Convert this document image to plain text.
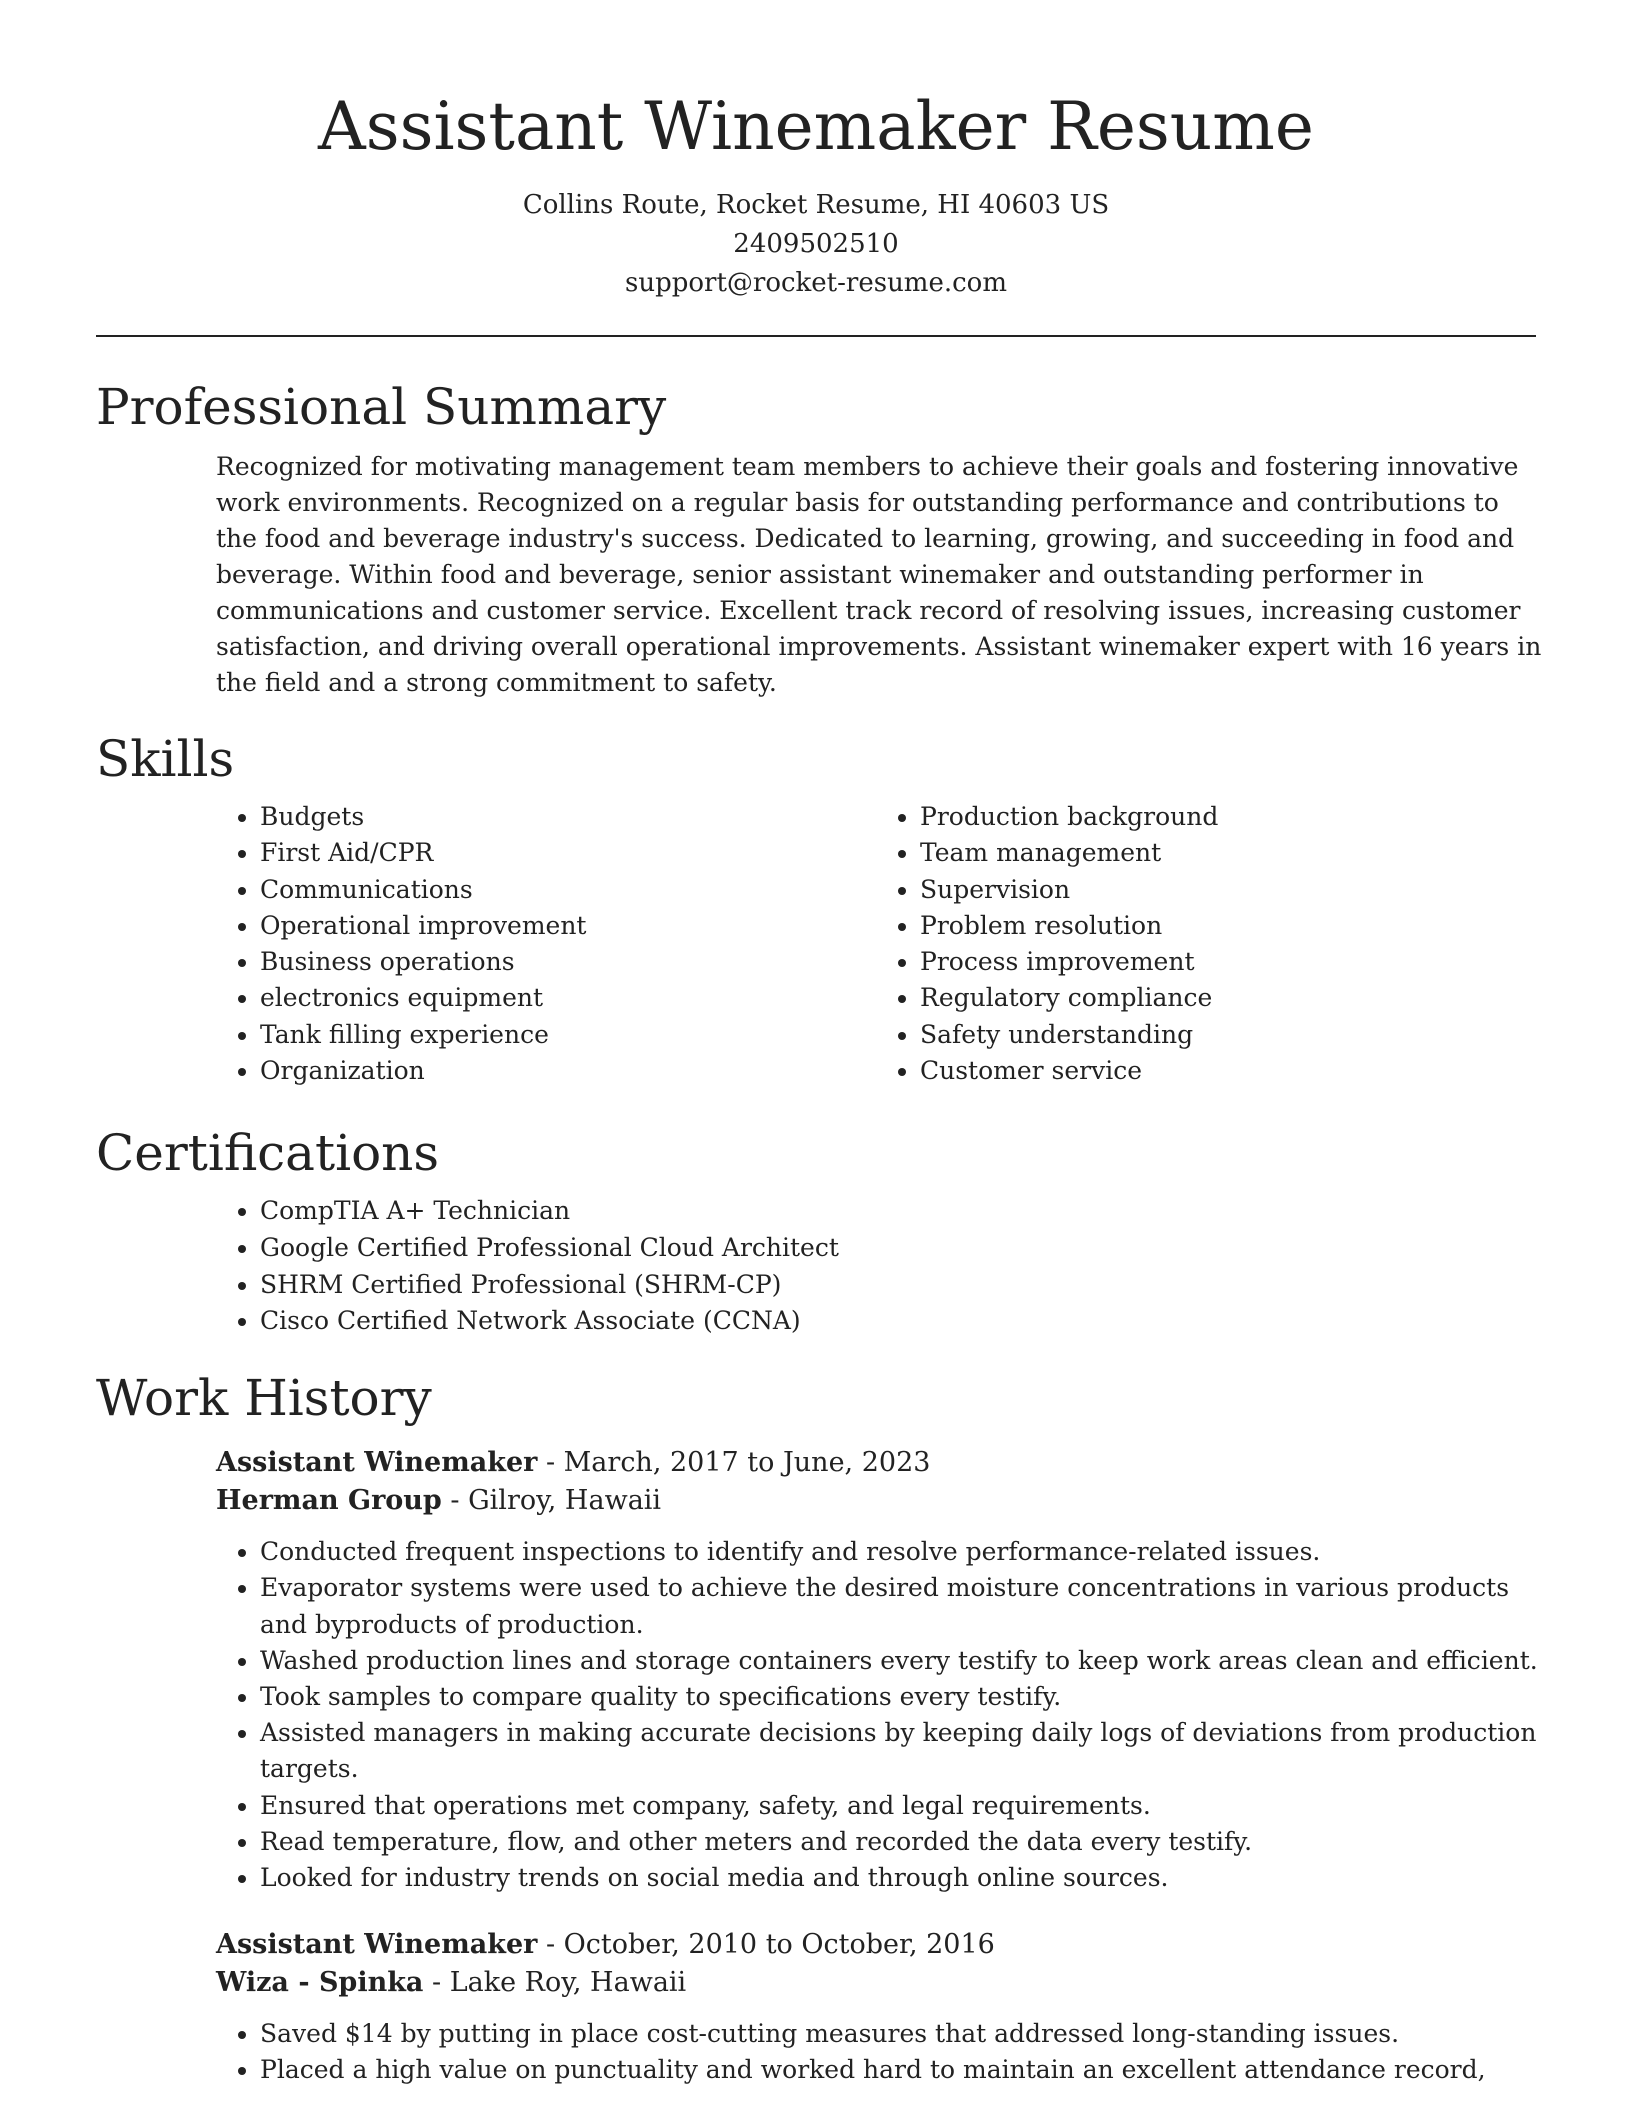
Assistant Winemaker Resume
Collins Route, Rocket Resume, HI 40603 US
2409502510
support@rocket-resume.com
Professional Summary

Recognized for motivating management team members to achieve their goals and fostering innovative work environments. Recognized on a regular basis for outstanding performance and contributions to the food and beverage industry's success. Dedicated to learning, growing, and succeeding in food and beverage. Within food and beverage, senior assistant winemaker and outstanding performer in communications and customer service. Excellent track record of resolving issues, increasing customer satisfaction, and driving overall operational improvements. Assistant winemaker expert with 16 years in the field and a strong commitment to safety.

Skills
• Budgets
• First Aid/CPR
• Communications
• Operational improvement
• Business operations
• electronics equipment
• Tank filling experience
• Organization
• Production background
• Team management
• Supervision
• Problem resolution
• Process improvement
• Regulatory compliance
• Safety understanding
• Customer service
Certifications
• CompTIA A+ Technician
• Google Certified Professional Cloud Architect
• SHRM Certified Professional (SHRM-CP)
• Cisco Certified Network Associate (CCNA)
Work History
Assistant Winemaker - March, 2017 to June, 2023
Herman Group - Gilroy, Hawaii
• Conducted frequent inspections to identify and resolve performance-related issues.
• Evaporator systems were used to achieve the desired moisture concentrations in various products and byproducts of production.
• Washed production lines and storage containers every testify to keep work areas clean and efficient.
• Took samples to compare quality to specifications every testify.
• Assisted managers in making accurate decisions by keeping daily logs of deviations from production targets.
• Ensured that operations met company, safety, and legal requirements.
• Read temperature, flow, and other meters and recorded the data every testify.
• Looked for industry trends on social media and through online sources.
Assistant Winemaker - October, 2010 to October, 2016
Wiza - Spinka - Lake Roy, Hawaii
• Saved $14 by putting in place cost-cutting measures that addressed long-standing issues.
• Placed a high value on punctuality and worked hard to maintain an excellent attendance record,
